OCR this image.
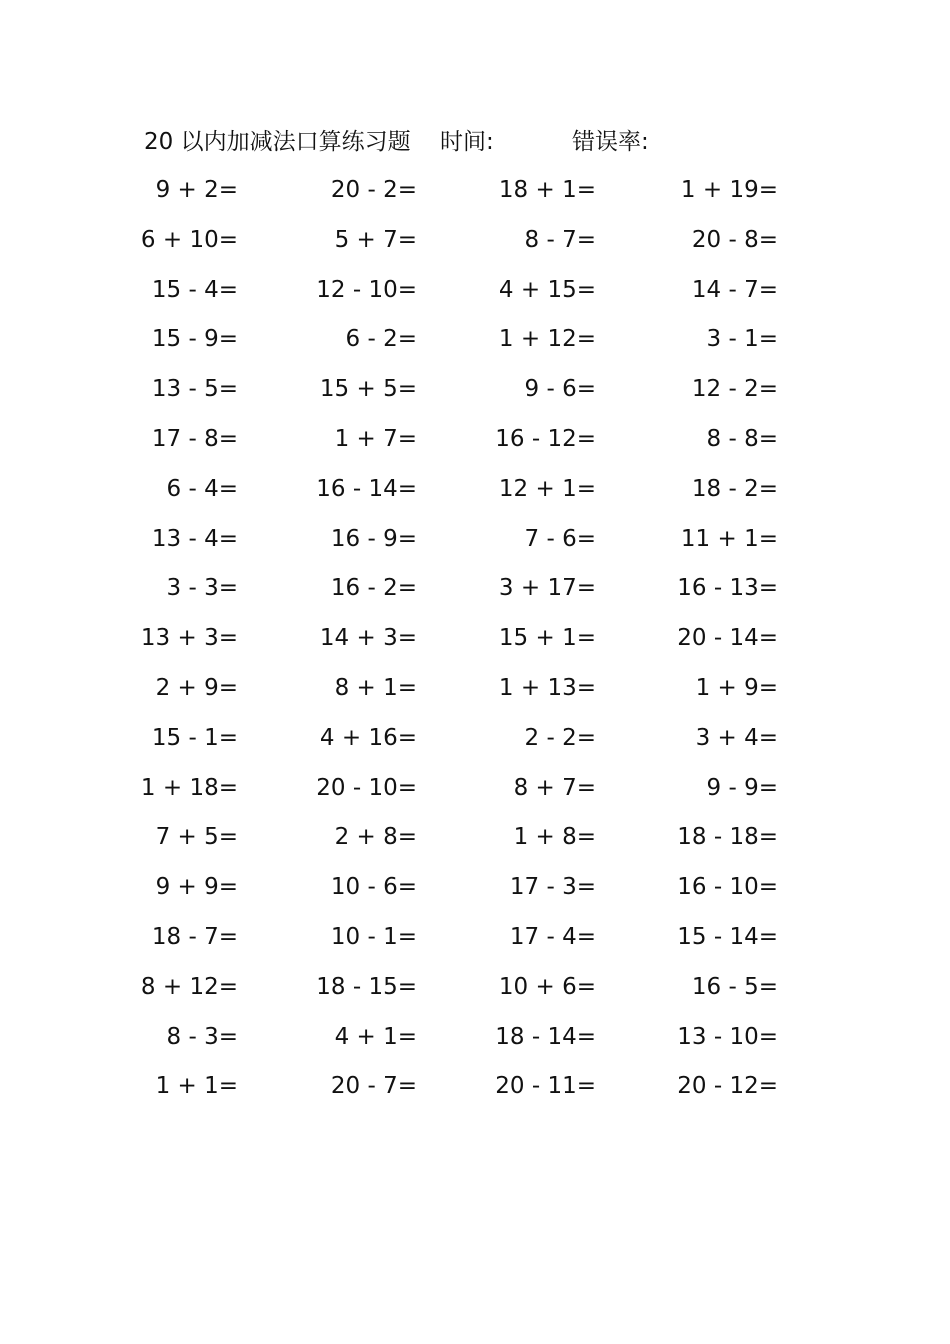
20 以内加减法口算练习题 时间:	错误率:
9 + 2=	20 - 2=	18 + 1=	1 + 19=
6 + 10=	5 + 7=	8 - 7=	20 - 8=
15 - 4=	12 - 10=	4 + 15=	14 - 7=
15 - 9=	6 - 2=	1 + 12=	3 - 1=
13 - 5=	15 + 5=	9 - 6=	12 - 2=
17 - 8=	1 + 7=	16 - 12=	8 - 8=
6 - 4=	16 - 14=	12 + 1=	18 - 2=
13 - 4=	16 - 9=	7 - 6=	11 + 1=
3 - 3=	16 - 2=	3 + 17=	16 - 13=
13 + 3=	14 + 3=	15 + 1=	20 - 14=
2 + 9=	8 + 1=	1 + 13=	1 + 9=
15 - 1=	4 + 16=	2 - 2=	3 + 4=
1 + 18=	20 - 10=	8 + 7=	9 - 9=
7 + 5=	2 + 8=	1 + 8=	18 - 18=
9 + 9=	10 - 6=	17 - 3=	16 - 10=
18 - 7=	10 - 1=	17 - 4=	15 - 14=
8 + 12=	18 - 15=	10 + 6=	16 - 5=
8 - 3=	4 + 1=	18 - 14=	13 - 10=
1 + 1=	20 - 7=	20 - 11=	20 - 12=
